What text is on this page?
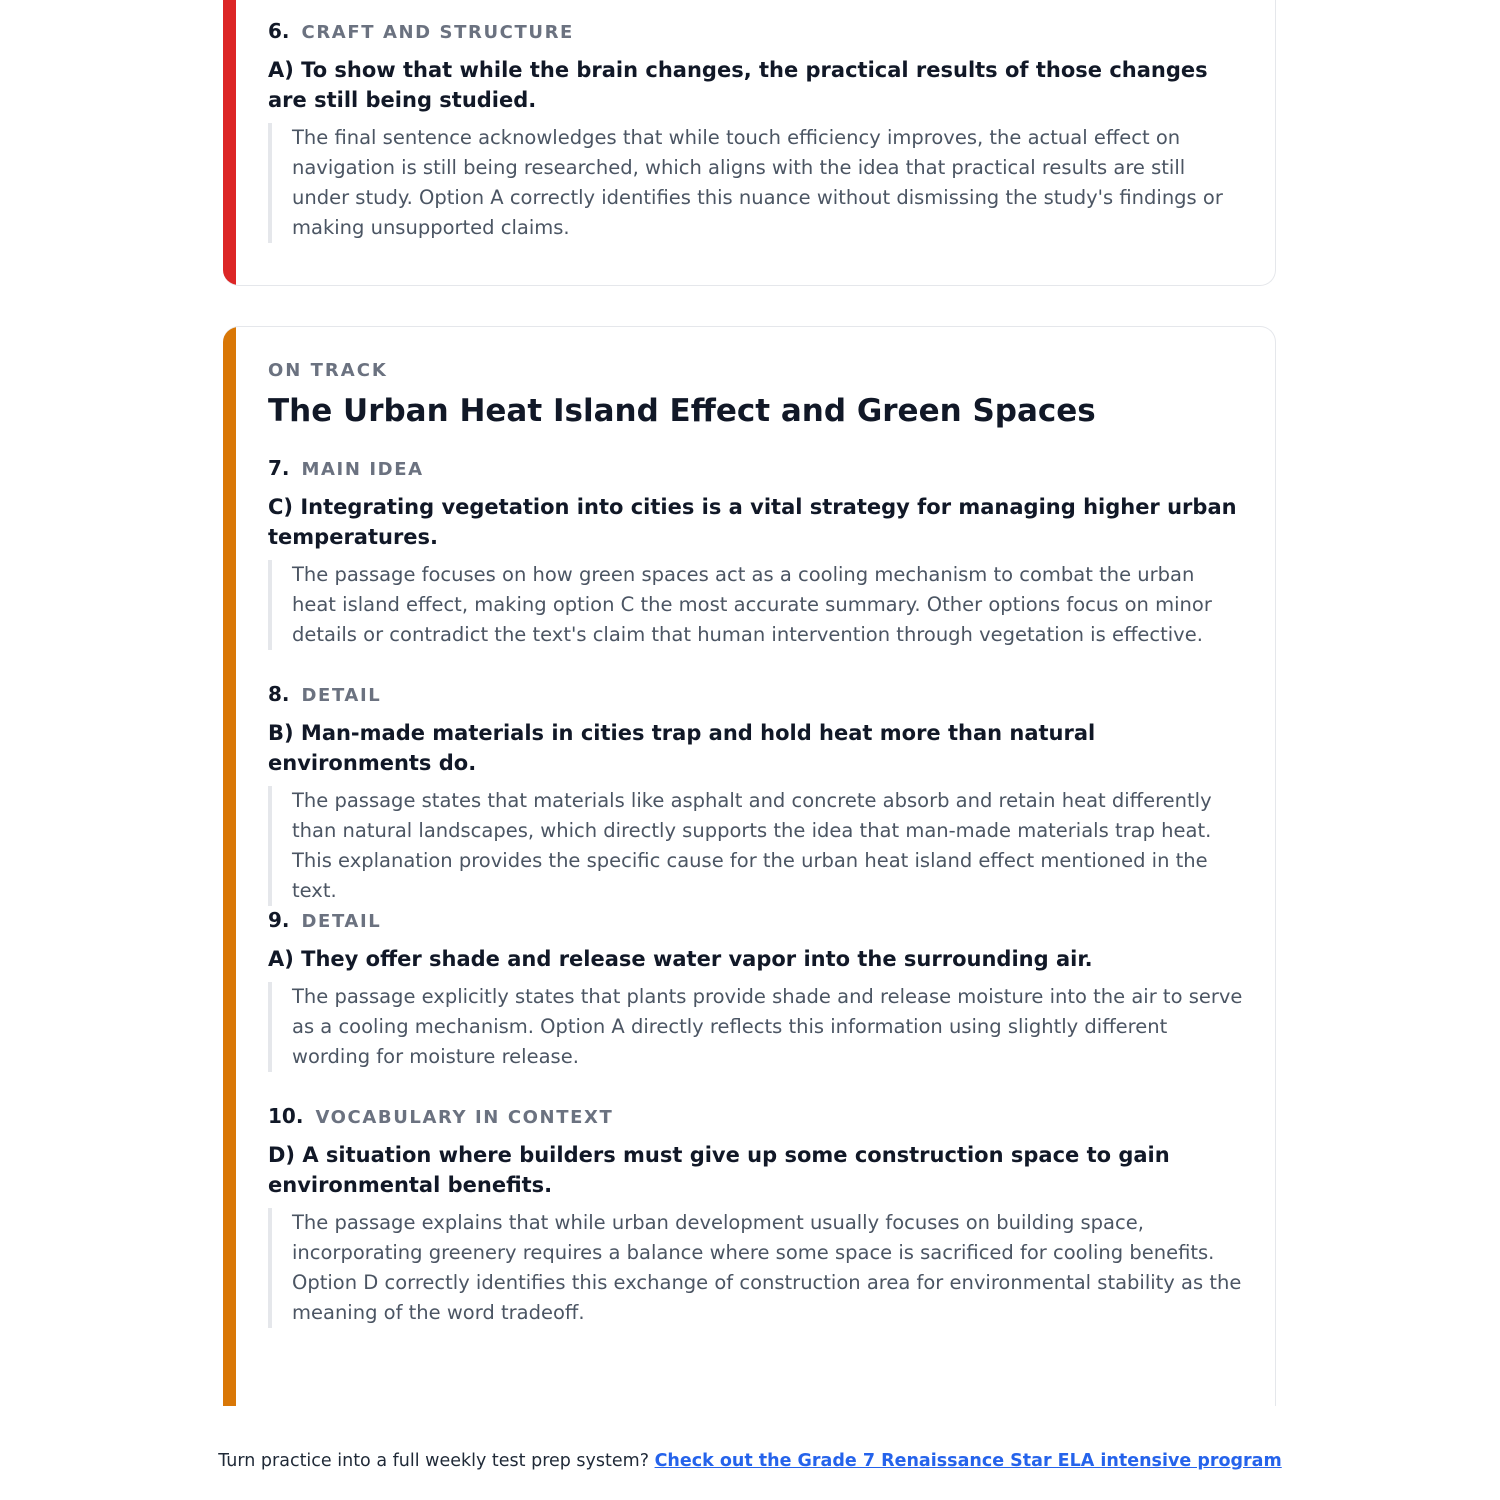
6. CRAFT AND STRUCTURE
A) To show that while the brain changes, the practical results of those changes are still being studied.
The final sentence acknowledges that while touch efficiency improves, the actual effect on navigation is still being researched, which aligns with the idea that practical results are still under study. Option A correctly identifies this nuance without dismissing the study's findings or making unsupported claims.
ON TRACK
The Urban Heat Island Effect and Green Spaces
7. MAIN IDEA
C) Integrating vegetation into cities is a vital strategy for managing higher urban temperatures.
The passage focuses on how green spaces act as a cooling mechanism to combat the urban heat island effect, making option C the most accurate summary. Other options focus on minor details or contradict the text's claim that human intervention through vegetation is effective.
8. DETAIL
B) Man-made materials in cities trap and hold heat more than natural environments do.
The passage states that materials like asphalt and concrete absorb and retain heat differently than natural landscapes, which directly supports the idea that man-made materials trap heat. This explanation provides the specific cause for the urban heat island effect mentioned in the text.
9. DETAIL
A) They offer shade and release water vapor into the surrounding air.
The passage explicitly states that plants provide shade and release moisture into the air to serve as a cooling mechanism. Option A directly reflects this information using slightly different wording for moisture release.
10. VOCABULARY IN CONTEXT
D) A situation where builders must give up some construction space to gain environmental benefits.
The passage explains that while urban development usually focuses on building space, incorporating greenery requires a balance where some space is sacrificed for cooling benefits. Option D correctly identifies this exchange of construction area for environmental stability as the meaning of the word tradeoff.
Turn practice into a full weekly test prep system? Check out the Grade 7 Renaissance Star ELA intensive program
